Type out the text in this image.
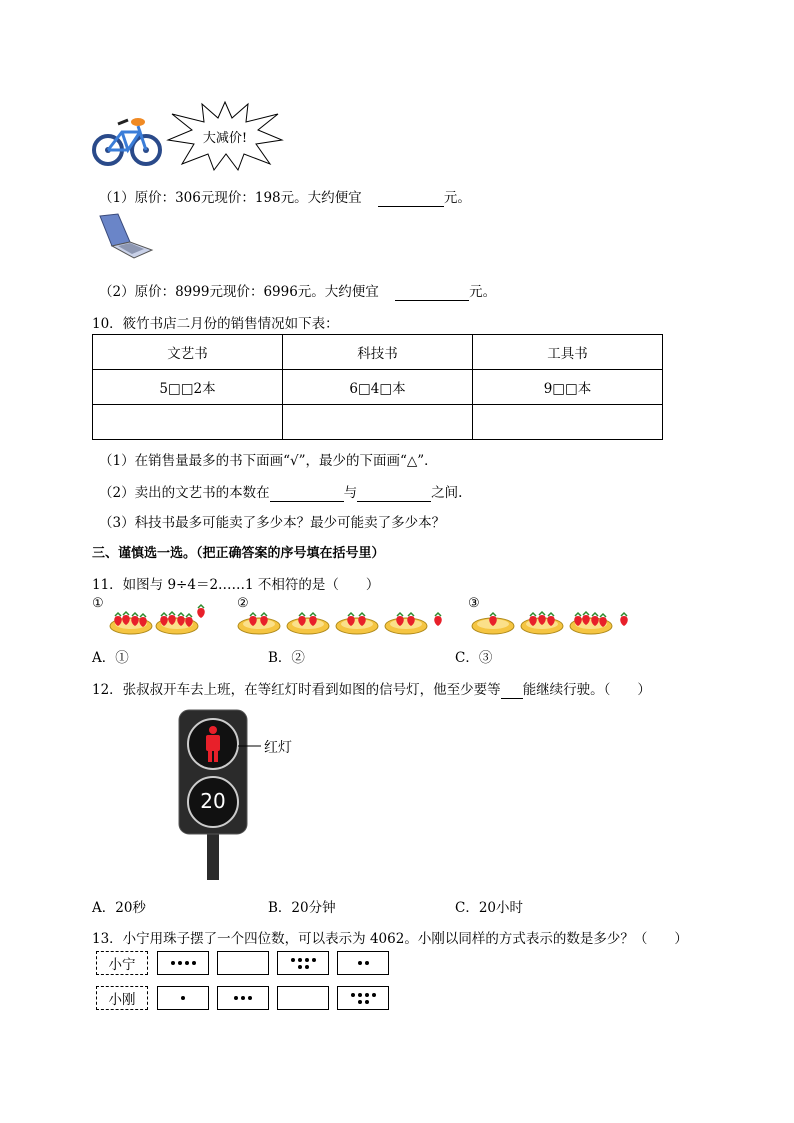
大减价!
（1）原价：306元现价：198元。大约便宜	元。
（2）原价：8999元现价：6996元。大约便宜	元。
10．筱竹书店二月份的销售情况如下表：
文艺书	科技书	工具书
5□□2本	6□4□本	9□□本

（1）在销售量最多的书下面画“√”，最少的下面画“△”．
（2）卖出的文艺书的本数在	与	之间.
（3）科技书最多可能卖了多少本？最少可能卖了多少本？
三、谨慎选一选。（把正确答案的序号填在括号里）
11．如图与 9÷4＝2……1 不相符的是（　　）
①	②	③
A．①	B．②	C．③
12．张叔叔开车去上班，在等红灯时看到如图的信号灯，他至少要等 能继续行驶。（　　）
20
红灯
A．20秒	B．20分钟	C．20小时
13．小宁用珠子摆了一个四位数，可以表示为 4062。小刚以同样的方式表示的数是多少？（　　）
小宁
小刚
